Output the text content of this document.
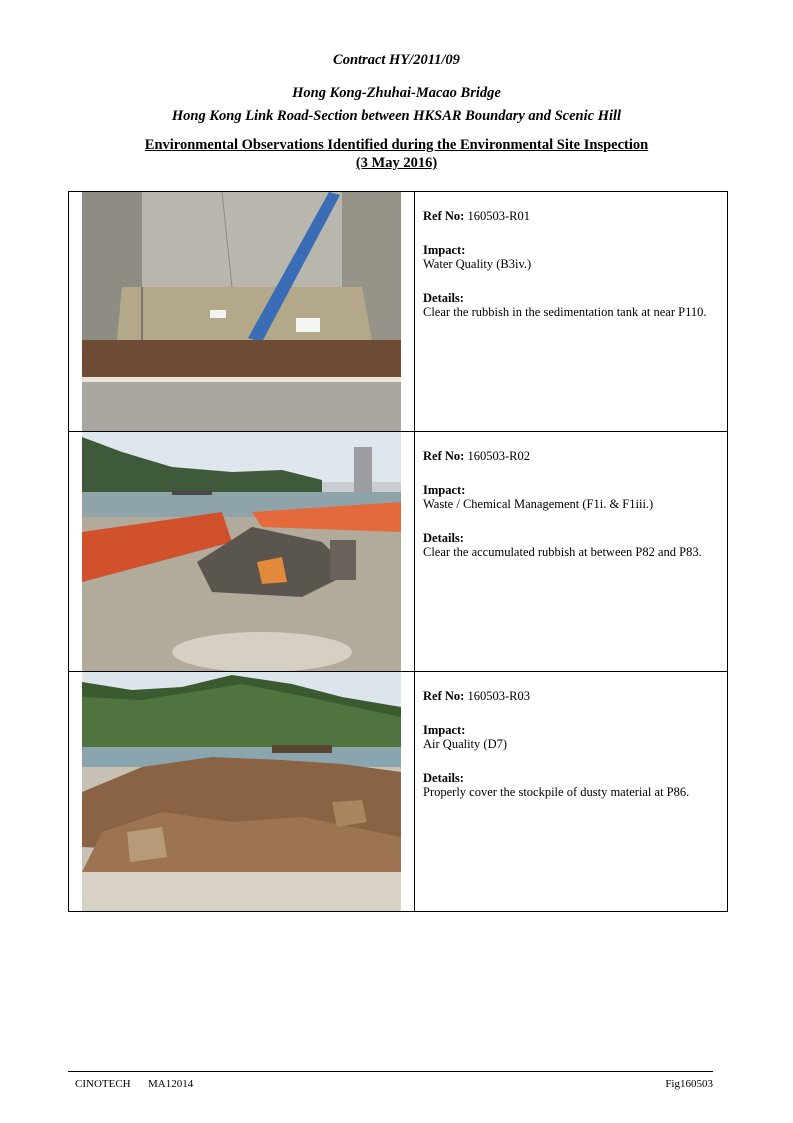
Contract HY/2011/09
Hong Kong-Zhuhai-Macao Bridge
Hong Kong Link Road-Section between HKSAR Boundary and Scenic Hill
Environmental Observations Identified during the Environmental Site Inspection
(3 May 2016)

Ref No: 160503-R01

Impact:
Water Quality (B3iv.)

Details:
Clear the rubbish in the sedimentation tank at near P110.

Ref No: 160503-R02

Impact:
Waste / Chemical Management (F1i. & F1iii.)

Details:
Clear the accumulated rubbish at between P82 and P83.

Ref No: 160503-R03

Impact:
Air Quality (D7)

Details:
Properly cover the stockpile of dusty material at P86.

CINOTECH MA12014	Fig160503
